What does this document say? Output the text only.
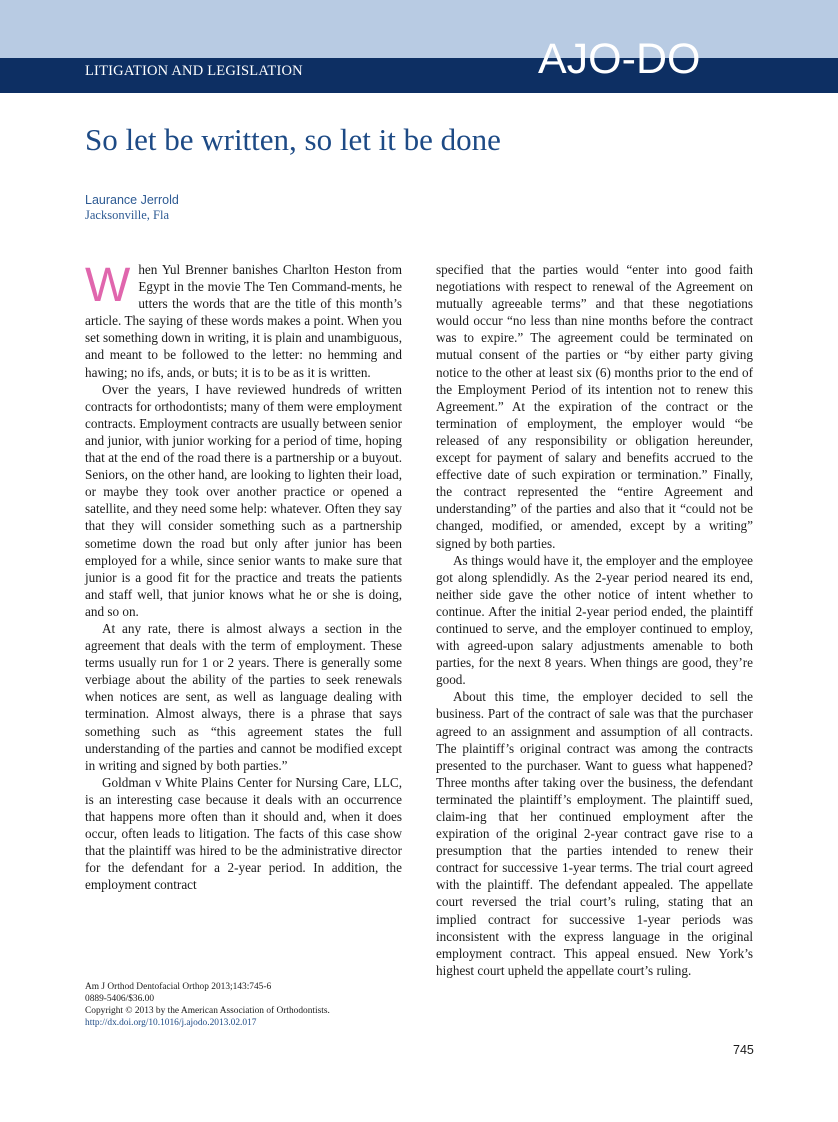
LITIGATION AND LEGISLATION	AJO-DO
So let be written, so let it be done
Laurance Jerrold
Jacksonville, Fla

When Yul Brenner banishes Charlton Heston from Egypt in the movie The Ten Command-ments, he utters the words that are the title of this month’s article. The saying of these words makes a point. When you set something down in writing, it is plain and unambiguous, and meant to be followed to the letter: no hemming and hawing; no ifs, ands, or buts; it is to be as it is written.

Over the years, I have reviewed hundreds of written contracts for orthodontists; many of them were employment contracts. Employment contracts are usually between senior and junior, with junior working for a period of time, hoping that at the end of the road there is a partnership or a buyout. Seniors, on the other hand, are looking to lighten their load, or maybe they took over another practice or opened a satellite, and they need some help: whatever. Often they say that they will consider something such as a partnership sometime down the road but only after junior has been employed for a while, since senior wants to make sure that junior is a good fit for the practice and treats the patients and staff well, that junior knows what he or she is doing, and so on.

At any rate, there is almost always a section in the agreement that deals with the term of employment. These terms usually run for 1 or 2 years. There is generally some verbiage about the ability of the parties to seek renewals when notices are sent, as well as language dealing with termination. Almost always, there is a phrase that says something such as “this agreement states the full understanding of the parties and cannot be modified except in writing and signed by both parties.”

Goldman v White Plains Center for Nursing Care, LLC, is an interesting case because it deals with an occurrence that happens more often than it should and, when it does occur, often leads to litigation. The facts of this case show that the plaintiff was hired to be the administrative director for the defendant for a 2-year period. In addition, the employment contract

specified that the parties would “enter into good faith negotiations with respect to renewal of the Agreement on mutually agreeable terms” and that these negotiations would occur “no less than nine months before the contract was to expire.” The agreement could be terminated on mutual consent of the parties or “by either party giving notice to the other at least six (6) months prior to the end of the Employment Period of its intention not to renew this Agreement.” At the expiration of the contract or the termination of employment, the employer would “be released of any responsibility or obligation hereunder, except for payment of salary and benefits accrued to the effective date of such expiration or termination.” Finally, the contract represented the “entire Agreement and understanding” of the parties and also that it “could not be changed, modified, or amended, except by a writing” signed by both parties.

As things would have it, the employer and the employee got along splendidly. As the 2-year period neared its end, neither side gave the other notice of intent whether to continue. After the initial 2-year period ended, the plaintiff continued to serve, and the employer continued to employ, with agreed-upon salary adjustments amenable to both parties, for the next 8 years. When things are good, they’re good.

About this time, the employer decided to sell the business. Part of the contract of sale was that the purchaser agreed to an assignment and assumption of all contracts. The plaintiff’s original contract was among the contracts presented to the purchaser. Want to guess what happened? Three months after taking over the business, the defendant terminated the plaintiff’s employment. The plaintiff sued, claim-ing that her continued employment after the expiration of the original 2-year contract gave rise to a presumption that the parties intended to renew their contract for successive 1-year terms. The trial court agreed with the plaintiff. The defendant appealed. The appellate court reversed the trial court’s ruling, stating that an implied contract for successive 1-year periods was inconsistent with the express language in the original employment contract. This appeal ensued. New York’s highest court upheld the appellate court’s ruling.

Am J Orthod Dentofacial Orthop 2013;143:745-6
0889-5406/$36.00
Copyright © 2013 by the American Association of Orthodontists.
http://dx.doi.org/10.1016/j.ajodo.2013.02.017
745
